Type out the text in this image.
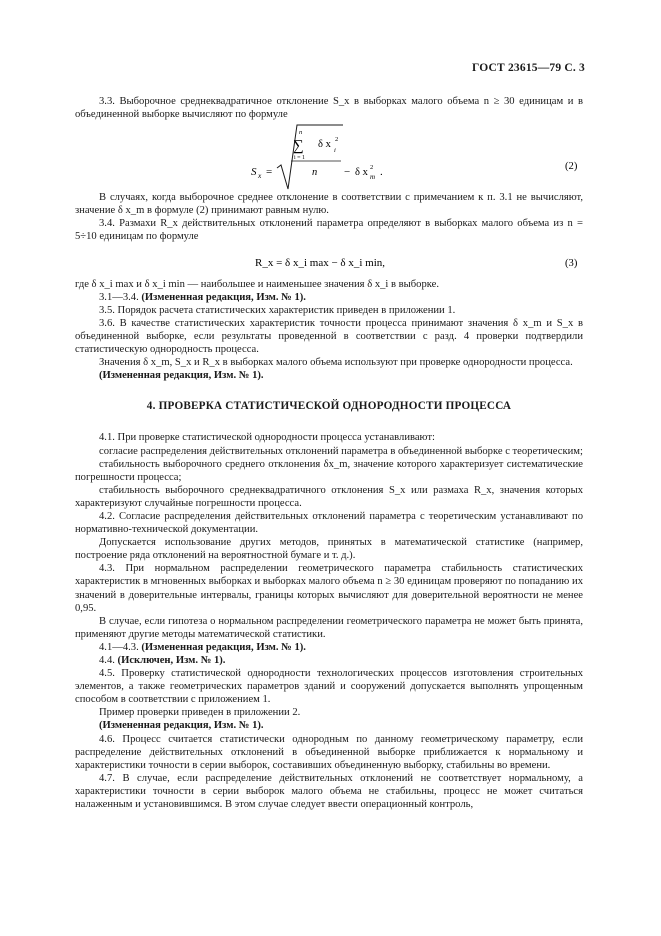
ГОСТ 23615—79 С. 3

3.3. Выборочное среднеквадратичное отклонение S_x в выборках малого объема n ≥ 30 единицам и в объединенной выборке вычисляют по формуле

S x =
n
∑
i = 1
δ x 2
i
n − δ x 2
m .	(2)

В случаях, когда выборочное среднее отклонение в соответствии с примечанием к п. 3.1 не вычисляют, значение δ x_m в формуле (2) принимают равным нулю.

3.4. Размахи R_x действительных отклонений параметра определяют в выборках малого объема из n = 5÷10 единицам по формуле

R_x = δ x_i max − δ x_i min,	(3)

где δ x_i max и δ x_i min — наибольшее и наименьшее значения δ x_i в выборке.

3.1—3.4. (Измененная редакция, Изм. № 1).

3.5. Порядок расчета статистических характеристик приведен в приложении 1.

3.6. В качестве статистических характеристик точности процесса принимают значения δ x_m и S_x в объединенной выборке, если результаты проведенной в соответствии с разд. 4 проверки подтвердили статистическую однородность процесса.

Значения δ x_m, S_x и R_x в выборках малого объема используют при проверке однородности процесса.

(Измененная редакция, Изм. № 1).

4. ПРОВЕРКА СТАТИСТИЧЕСКОЙ ОДНОРОДНОСТИ ПРОЦЕССА

4.1. При проверке статистической однородности процесса устанавливают:

согласие распределения действительных отклонений параметра в объединенной выборке с теоретическим;

стабильность выборочного среднего отклонения δx_m, значение которого характеризует систематические погрешности процесса;

стабильность выборочного среднеквадратичного отклонения S_x или размаха R_x, значения которых характеризуют случайные погрешности процесса.

4.2. Согласие распределения действительных отклонений параметра с теоретическим устанавливают по нормативно-технической документации.

Допускается использование других методов, принятых в математической статистике (например, построение ряда отклонений на вероятностной бумаге и т. д.).

4.3. При нормальном распределении геометрического параметра стабильность статистических характеристик в мгновенных выборках и выборках малого объема n ≥ 30 единицам проверяют по попаданию их значений в доверительные интервалы, границы которых вычисляют для доверительной вероятности не менее 0,95.

В случае, если гипотеза о нормальном распределении геометрического параметра не может быть принята, применяют другие методы математической статистики.

4.1—4.3. (Измененная редакция, Изм. № 1).

4.4. (Исключен, Изм. № 1).

4.5. Проверку статистической однородности технологических процессов изготовления строительных элементов, а также геометрических параметров зданий и сооружений допускается выполнять упрощенным способом в соответствии с приложением 1.

Пример проверки приведен в приложении 2.

(Измененная редакция, Изм. № 1).

4.6. Процесс считается статистически однородным по данному геометрическому параметру, если распределение действительных отклонений в объединенной выборке приближается к нормальному и характеристики точности в серии выборок, составивших объединенную выборку, стабильны во времени.

4.7. В случае, если распределение действительных отклонений не соответствует нормальному, а характеристики точности в серии выборок малого объема не стабильны, процесс не может считаться налаженным и установившимся. В этом случае следует ввести операционный контроль,
